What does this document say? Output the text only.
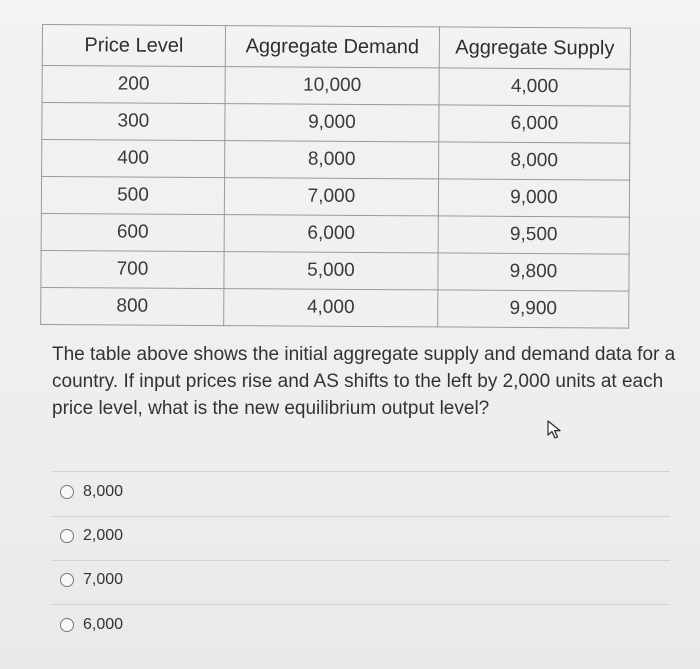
Price Level	Aggregate Demand	Aggregate Supply
200	10,000	4,000
300	9,000	6,000
400	8,000	8,000
500	7,000	9,000
600	6,000	9,500
700	5,000	9,800
800	4,000	9,900
The table above shows the initial aggregate supply and demand data for a country. If input prices rise and AS shifts to the left by 2,000 units at each price level, what is the new equilibrium output level?
8,000
2,000
7,000
6,000
